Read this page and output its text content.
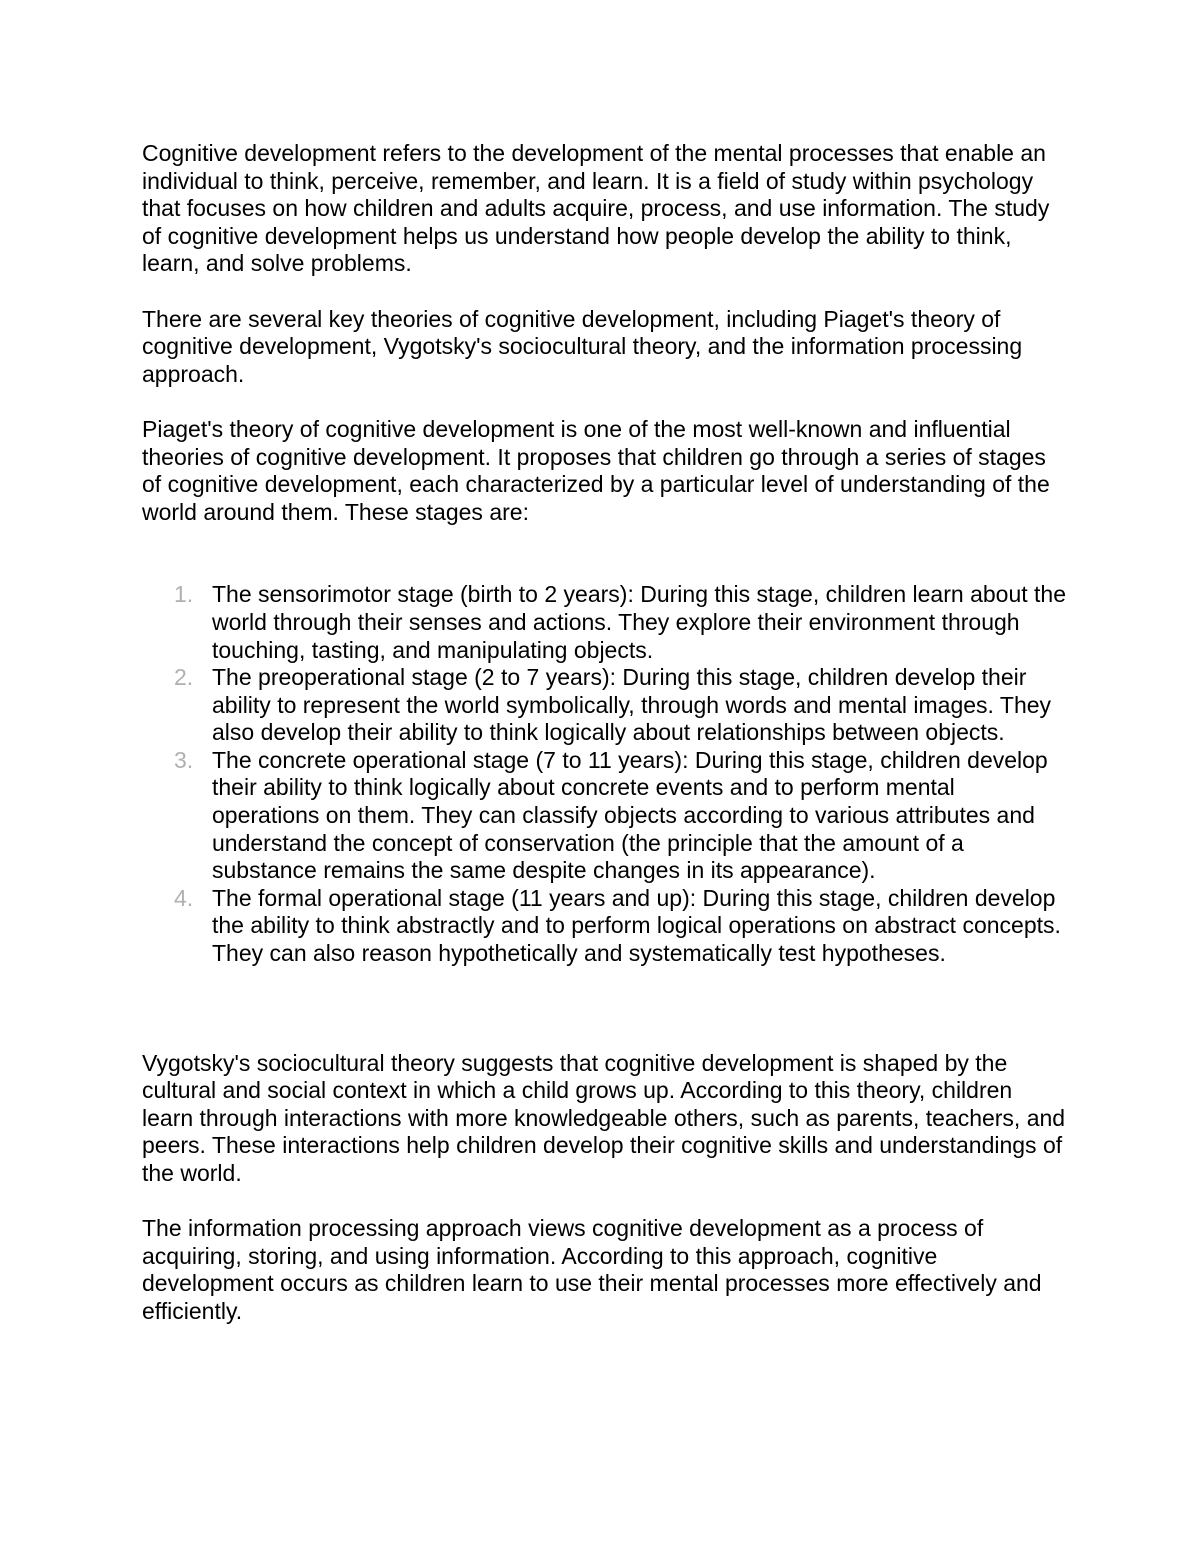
Cognitive development refers to the development of the mental processes that enable an individual to think, perceive, remember, and learn. It is a field of study within psychology that focuses on how children and adults acquire, process, and use information. The study of cognitive development helps us understand how people develop the ability to think, learn, and solve problems.

There are several key theories of cognitive development, including Piaget's theory of cognitive development, Vygotsky's sociocultural theory, and the information processing approach.

Piaget's theory of cognitive development is one of the most well-known and influential theories of cognitive development. It proposes that children go through a series of stages of cognitive development, each characterized by a particular level of understanding of the world around them. These stages are:

1. The sensorimotor stage (birth to 2 years): During this stage, children learn about the world through their senses and actions. They explore their environment through touching, tasting, and manipulating objects.
2. The preoperational stage (2 to 7 years): During this stage, children develop their ability to represent the world symbolically, through words and mental images. They also develop their ability to think logically about relationships between objects.
3. The concrete operational stage (7 to 11 years): During this stage, children develop their ability to think logically about concrete events and to perform mental operations on them. They can classify objects according to various attributes and understand the concept of conservation (the principle that the amount of a substance remains the same despite changes in its appearance).
4. The formal operational stage (11 years and up): During this stage, children develop the ability to think abstractly and to perform logical operations on abstract concepts. They can also reason hypothetically and systematically test hypotheses.

Vygotsky's sociocultural theory suggests that cognitive development is shaped by the cultural and social context in which a child grows up. According to this theory, children learn through interactions with more knowledgeable others, such as parents, teachers, and peers. These interactions help children develop their cognitive skills and understandings of the world.

The information processing approach views cognitive development as a process of acquiring, storing, and using information. According to this approach, cognitive development occurs as children learn to use their mental processes more effectively and efficiently.
